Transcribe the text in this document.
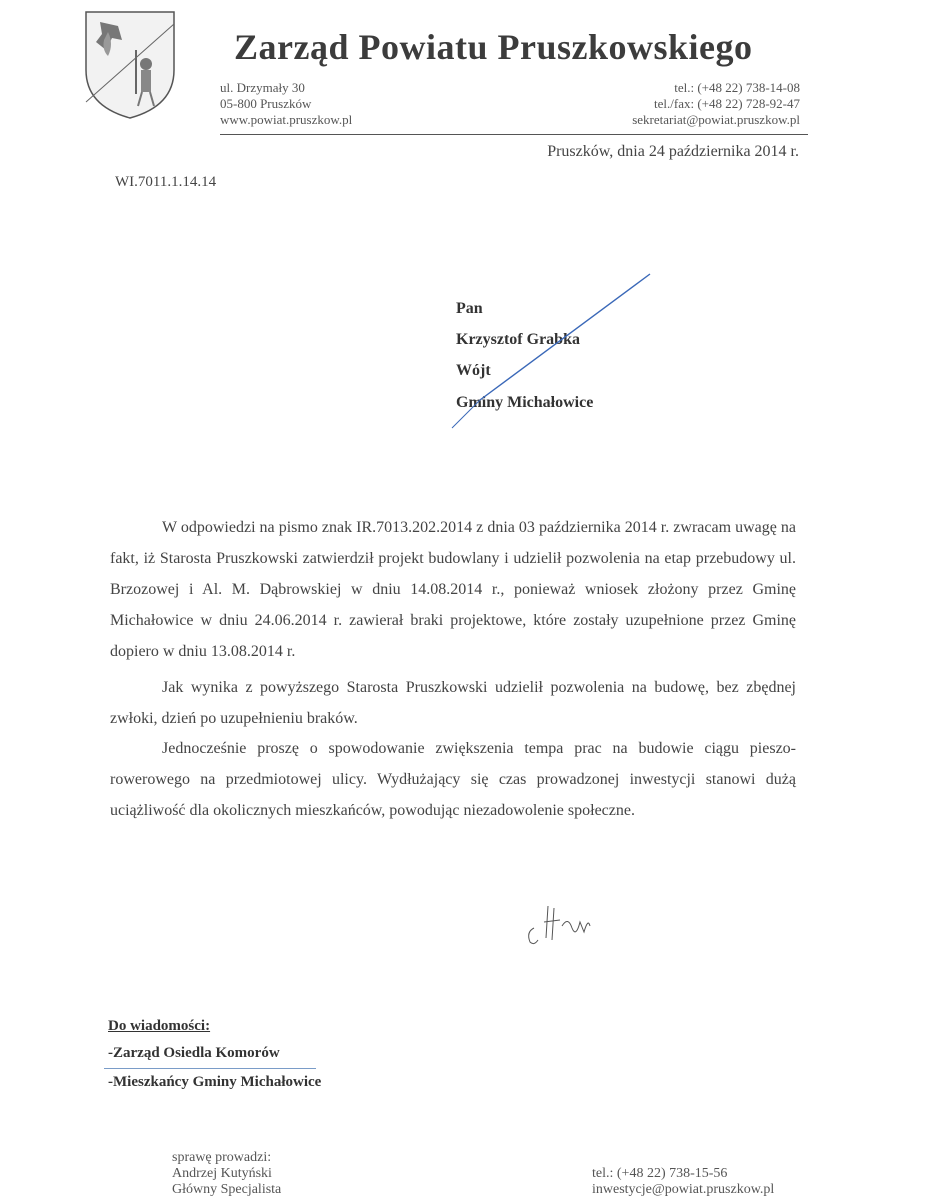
Zarząd Powiatu Pruszkowskiego
ul. Drzymały 30
05-800 Pruszków
www.powiat.pruszkow.pl
tel.: (+48 22) 738-14-08
tel./fax: (+48 22) 728-92-47
sekretariat@powiat.pruszkow.pl
Pruszków, dnia 24 października 2014 r.
WI.7011.1.14.14
Pan
Krzysztof Grabka
Wójt
Gminy Michałowice

W odpowiedzi na pismo znak IR.7013.202.2014 z dnia 03 października 2014 r. zwracam uwagę na fakt, iż Starosta Pruszkowski zatwierdził projekt budowlany i udzielił pozwolenia na etap przebudowy ul. Brzozowej i Al. M. Dąbrowskiej w dniu 14.08.2014 r., ponieważ wniosek złożony przez Gminę Michałowice w dniu 24.06.2014 r. zawierał braki projektowe, które zostały uzupełnione przez Gminę dopiero w dniu 13.08.2014 r.

Jak wynika z powyższego Starosta Pruszkowski udzielił pozwolenia na budowę, bez zbędnej zwłoki, dzień po uzupełnieniu braków.

Jednocześnie proszę o spowodowanie zwiększenia tempa prac na budowie ciągu pieszo-rowerowego na przedmiotowej ulicy. Wydłużający się czas prowadzonej inwestycji stanowi dużą uciążliwość dla okolicznych mieszkańców, powodując niezadowolenie społeczne.

Do wiadomości:
-Zarząd Osiedla Komorów
-Mieszkańcy Gminy Michałowice
sprawę prowadzi:
Andrzej Kutyński
Główny Specjalista
tel.: (+48 22) 738-15-56
inwestycje@powiat.pruszkow.pl
